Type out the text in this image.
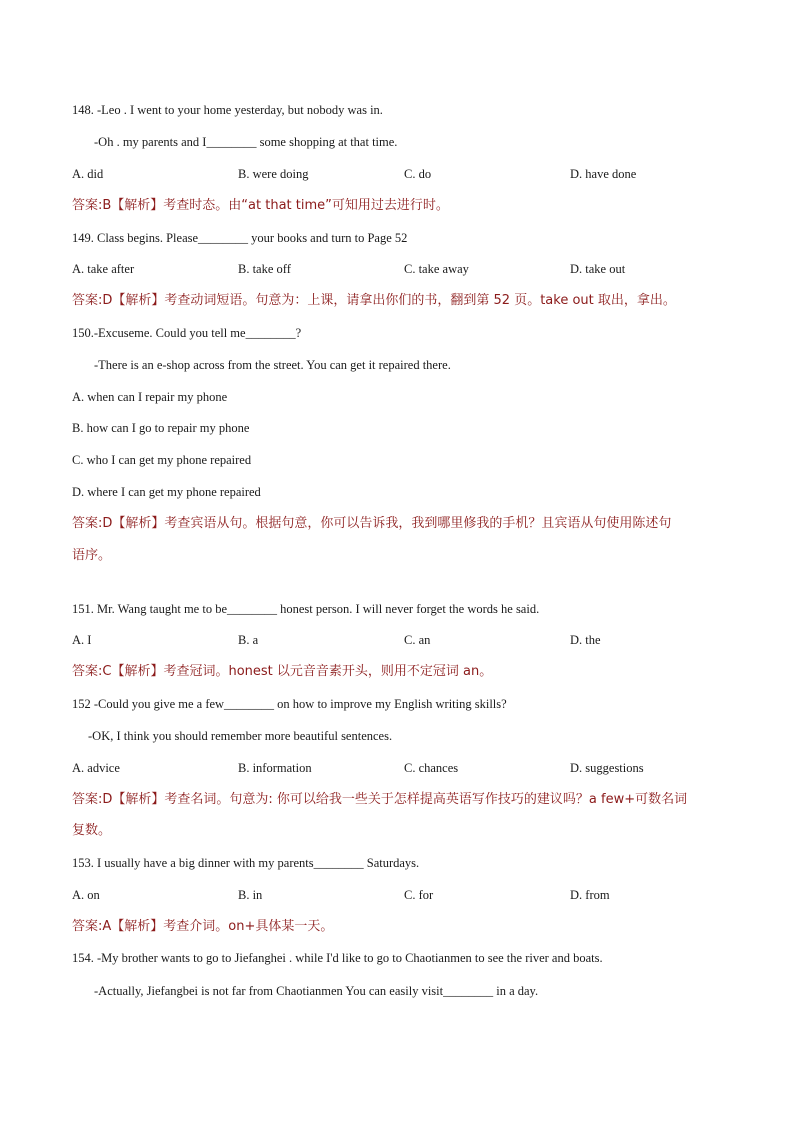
148. -Leo . I went to your home yesterday, but nobody was in.
-Oh . my parents and I________ some shopping at that time.
A. did	B. were doing	C. do	D. have done
答案:B【解析】考查时态。由“at that time”可知用过去进行时。
149. Class begins. Please________ your books and turn to Page 52
A. take after	B. take off	C. take away	D. take out
答案:D【解析】考查动词短语。句意为：上课，请拿出你们的书，翻到第 52 页。take out 取出，拿出。
150.-Excuseme. Could you tell me________?
-There is an e-shop across from the street. You can get it repaired there.
A. when can I repair my phone
B. how can I go to repair my phone
C. who I can get my phone repaired
D. where I can get my phone repaired
答案:D【解析】考查宾语从句。根据句意，你可以告诉我，我到哪里修我的手机？且宾语从句使用陈述句
语序。
151. Mr. Wang taught me to be________ honest person. I will never forget the words he said.
A. I	B. a	C. an	D. the
答案:C【解析】考查冠词。honest 以元音音素开头，则用不定冠词 an。
152 -Could you give me a few________ on how to improve my English writing skills?
-OK, I think you should remember more beautiful sentences.
A. advice	B. information	C. chances	D. suggestions
答案:D【解析】考查名词。句意为: 你可以给我一些关于怎样提高英语写作技巧的建议吗？a few+可数名词
复数。
153. I usually have a big dinner with my parents________ Saturdays.
A. on	B. in	C. for	D. from
答案:A【解析】考查介词。on+具体某一天。
154. -My brother wants to go to Jiefanghei . while I'd like to go to Chaotianmen to see the river and boats.
-Actually, Jiefangbei is not far from Chaotianmen You can easily visit________ in a day.
